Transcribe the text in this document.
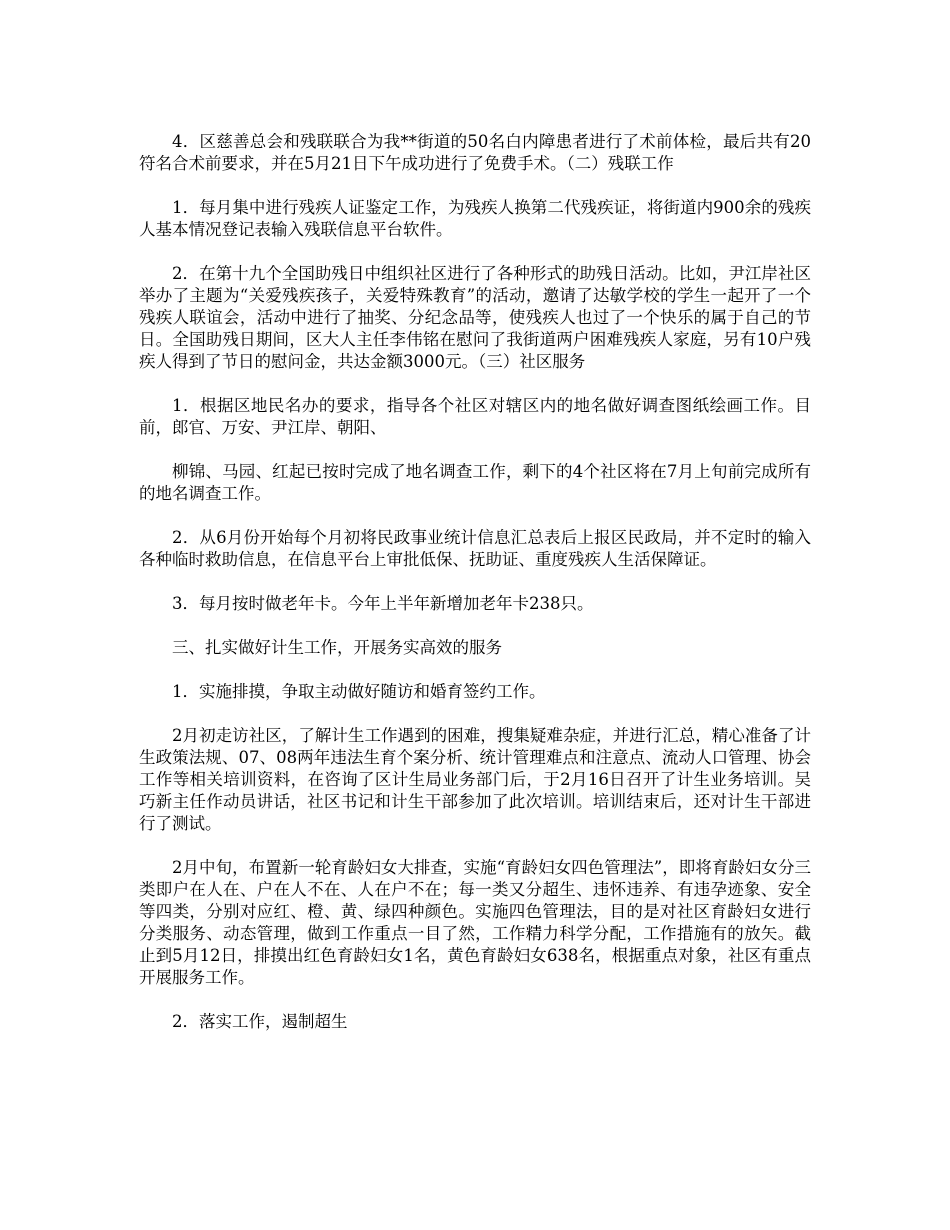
4．区慈善总会和残联联合为我**街道的50名白内障患者进行了术前体检，最后共有20符名合术前要求，并在5月21日下午成功进行了免费手术。（二）残联工作

1．每月集中进行残疾人证鉴定工作，为残疾人换第二代残疾证，将街道内900余的残疾人基本情况登记表输入残联信息平台软件。

2．在第十九个全国助残日中组织社区进行了各种形式的助残日活动。比如，尹江岸社区举办了主题为“关爱残疾孩子，关爱特殊教育”的活动，邀请了达敏学校的学生一起开了一个残疾人联谊会，活动中进行了抽奖、分纪念品等，使残疾人也过了一个快乐的属于自己的节日。全国助残日期间，区大人主任李伟铭在慰问了我街道两户困难残疾人家庭，另有10户残疾人得到了节日的慰问金，共达金额3000元。（三）社区服务

1．根据区地民名办的要求，指导各个社区对辖区内的地名做好调查图纸绘画工作。目前，郎官、万安、尹江岸、朝阳、

柳锦、马园、红起已按时完成了地名调查工作，剩下的4个社区将在7月上旬前完成所有的地名调查工作。

2．从6月份开始每个月初将民政事业统计信息汇总表后上报区民政局，并不定时的输入各种临时救助信息，在信息平台上审批低保、抚助证、重度残疾人生活保障证。

3．每月按时做老年卡。今年上半年新增加老年卡238只。

三、扎实做好计生工作，开展务实高效的服务

1．实施排摸，争取主动做好随访和婚育签约工作。

2月初走访社区，了解计生工作遇到的困难，搜集疑难杂症，并进行汇总，精心准备了计生政策法规、07、08两年违法生育个案分析、统计管理难点和注意点、流动人口管理、协会工作等相关培训资料，在咨询了区计生局业务部门后，于2月16日召开了计生业务培训。吴巧新主任作动员讲话，社区书记和计生干部参加了此次培训。培训结束后，还对计生干部进行了测试。

2月中旬，布置新一轮育龄妇女大排查，实施“育龄妇女四色管理法”，即将育龄妇女分三类即户在人在、户在人不在、人在户不在；每一类又分超生、违怀违养、有违孕迹象、安全等四类，分别对应红、橙、黄、绿四种颜色。实施四色管理法，目的是对社区育龄妇女进行分类服务、动态管理，做到工作重点一目了然，工作精力科学分配，工作措施有的放矢。截止到5月12日，排摸出红色育龄妇女1名，黄色育龄妇女638名，根据重点对象，社区有重点开展服务工作。

2．落实工作，遏制超生
